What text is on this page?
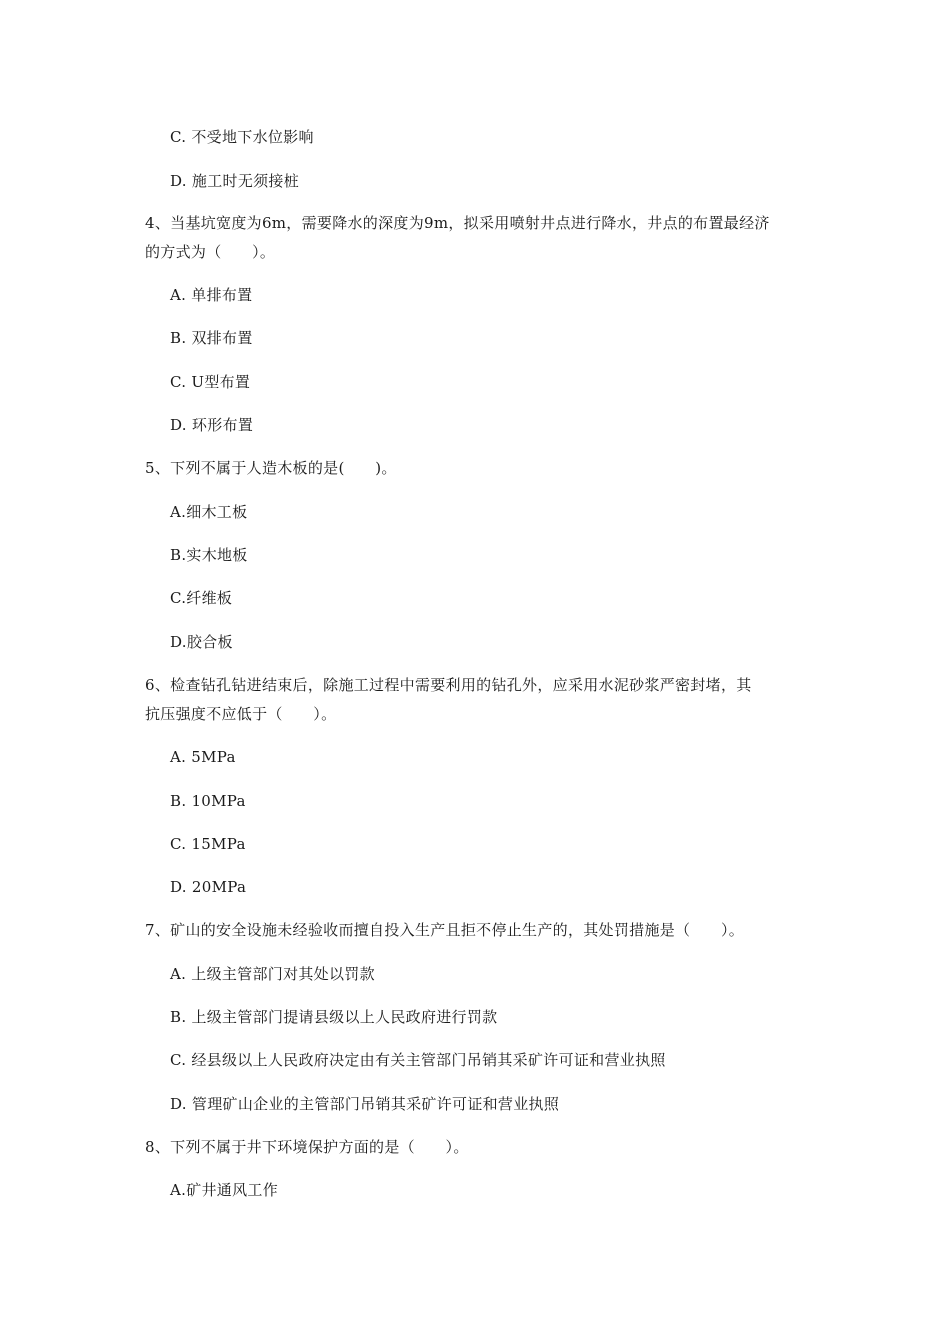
C. 不受地下水位影响
D. 施工时无须接桩
4、当基坑宽度为6m，需要降水的深度为9m，拟采用喷射井点进行降水，井点的布置最经济
的方式为（　　）。
A. 单排布置
B. 双排布置
C. U型布置
D. 环形布置
5、下列不属于人造木板的是(　　)。
A.细木工板
B.实木地板
C.纤维板
D.胶合板
6、检查钻孔钻进结束后，除施工过程中需要利用的钻孔外，应采用水泥砂浆严密封堵，其
抗压强度不应低于（　　）。
A. 5MPa
B. 10MPa
C. 15MPa
D. 20MPa
7、矿山的安全设施未经验收而擅自投入生产且拒不停止生产的，其处罚措施是（　　）。
A. 上级主管部门对其处以罚款
B. 上级主管部门提请县级以上人民政府进行罚款
C. 经县级以上人民政府决定由有关主管部门吊销其采矿许可证和营业执照
D. 管理矿山企业的主管部门吊销其采矿许可证和营业执照
8、下列不属于井下环境保护方面的是（　　）。
A.矿井通风工作
